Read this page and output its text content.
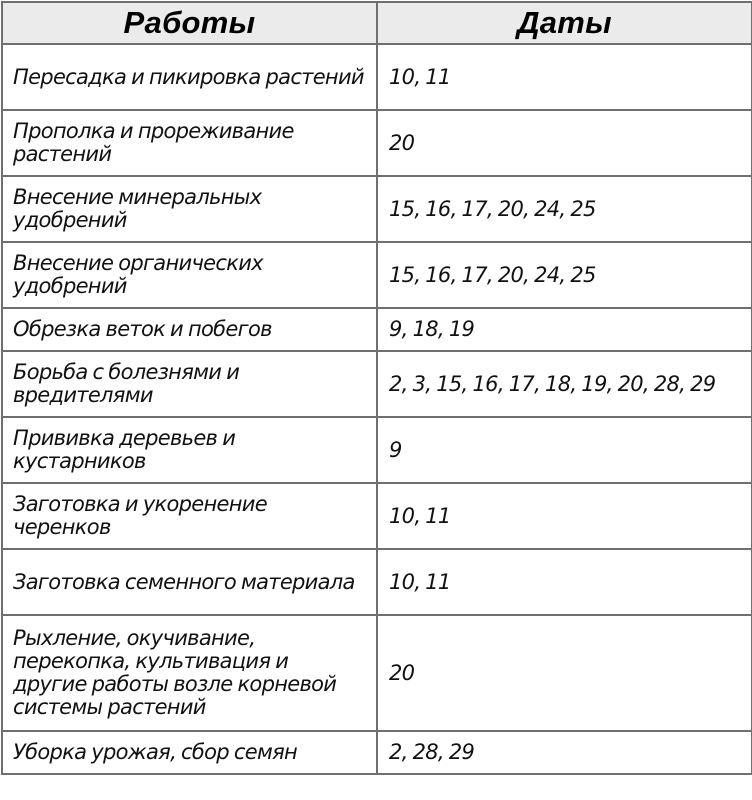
Работы	Даты

Пересадка и пикировка растений	10, 11

Прополка и прореживание растений	20

Внесение минеральных удобрений	15, 16, 17, 20, 24, 25

Внесение органических удобрений	15, 16, 17, 20, 24, 25

Обрезка веток и побегов	9, 18, 19

Борьба с болезнями и вредителями	2, 3, 15, 16, 17, 18, 19, 20, 28, 29

Прививка деревьев и кустарников	9

Заготовка и укоренение черенков	10, 11

Заготовка семенного материала	10, 11

Рыхление, окучивание, перекопка, культивация и другие работы возле корневой системы растений	20

Уборка урожая, сбор семян	2, 28, 29
